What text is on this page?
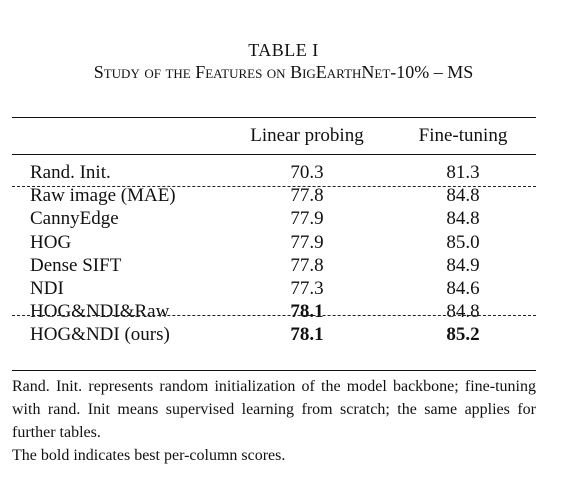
TABLE I
Study of the Features on BigEarthNet-10% – MS
Linear probing	Fine-tuning
Rand. Init.	70.3	81.3
Raw image (MAE)	77.8	84.8
CannyEdge	77.9	84.8
HOG	77.9	85.0
Dense SIFT	77.8	84.9
NDI	77.3	84.6
HOG&NDI&Raw	78.1	84.8
HOG&NDI (ours)	78.1	85.2
Rand. Init. represents random initialization of the model backbone; fine-tuning with rand. Init means supervised learning from scratch; the same applies for further tables.
The bold indicates best per-column scores.
